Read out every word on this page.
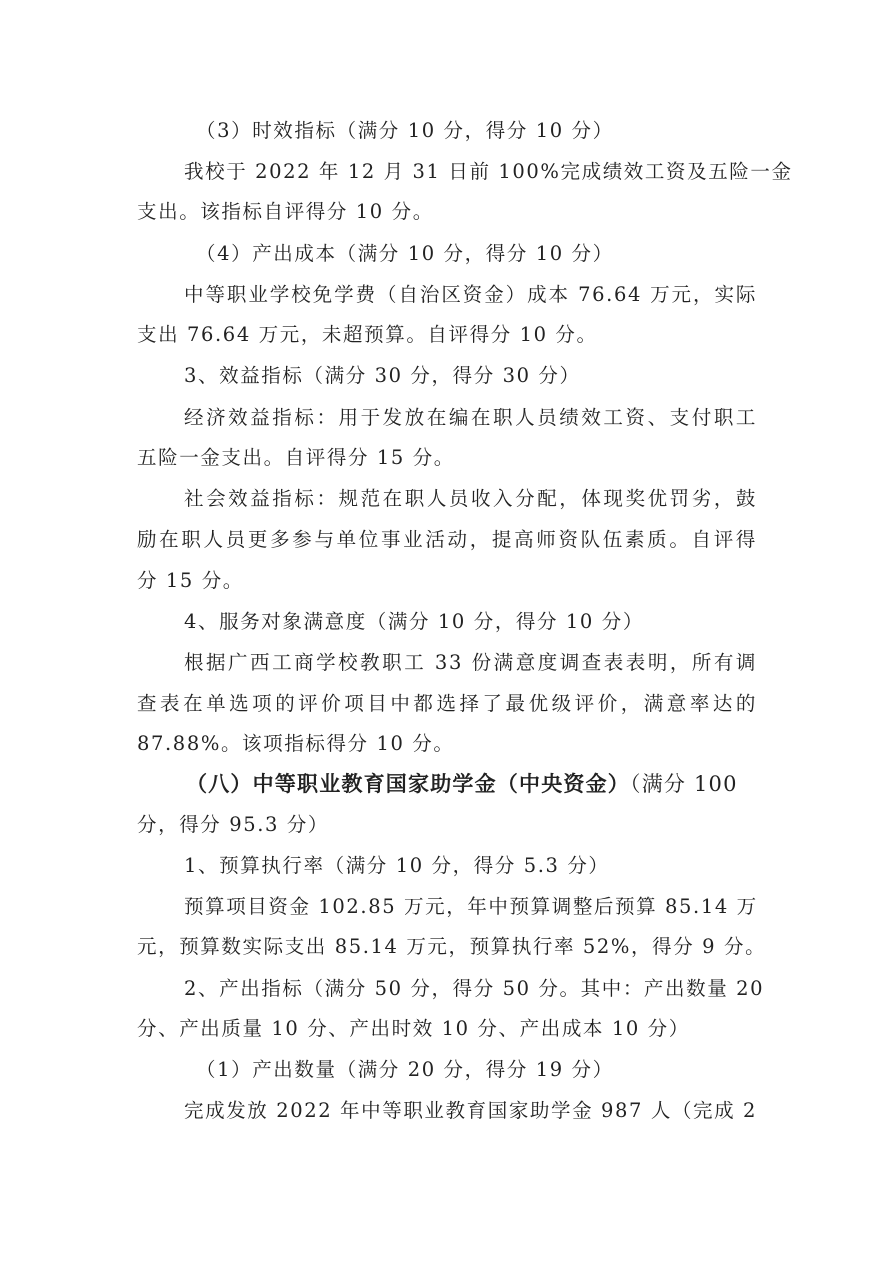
（3）时效指标（满分 10 分，得分 10 分）
我校于 2022 年 12 月 31 日前 100%完成绩效工资及五险一金
支出。该指标自评得分 10 分。
（4）产出成本（满分 10 分，得分 10 分）
中等职业学校免学费（自治区资金）成本 76.64 万元，实际
支出 76.64 万元，未超预算。自评得分 10 分。
3、效益指标（满分 30 分，得分 30 分）
经济效益指标：用于发放在编在职人员绩效工资、支付职工
五险一金支出。自评得分 15 分。
社会效益指标：规范在职人员收入分配，体现奖优罚劣，鼓
励在职人员更多参与单位事业活动，提高师资队伍素质。自评得
分 15 分。
4、服务对象满意度（满分 10 分，得分 10 分）
根据广西工商学校教职工 33 份满意度调查表表明，所有调
查表在单选项的评价项目中都选择了最优级评价，满意率达的
87.88%。该项指标得分 10 分。
（八）中等职业教育国家助学金（中央资金）（满分 100
分，得分 95.3 分）
1、预算执行率（满分 10 分，得分 5.3 分）
预算项目资金 102.85 万元，年中预算调整后预算 85.14 万
元，预算数实际支出 85.14 万元，预算执行率 52%，得分 9 分。
2、产出指标（满分 50 分，得分 50 分。其中：产出数量 20
分、产出质量 10 分、产出时效 10 分、产出成本 10 分）
（1）产出数量（满分 20 分，得分 19 分）
完成发放 2022 年中等职业教育国家助学金 987 人（完成 2
